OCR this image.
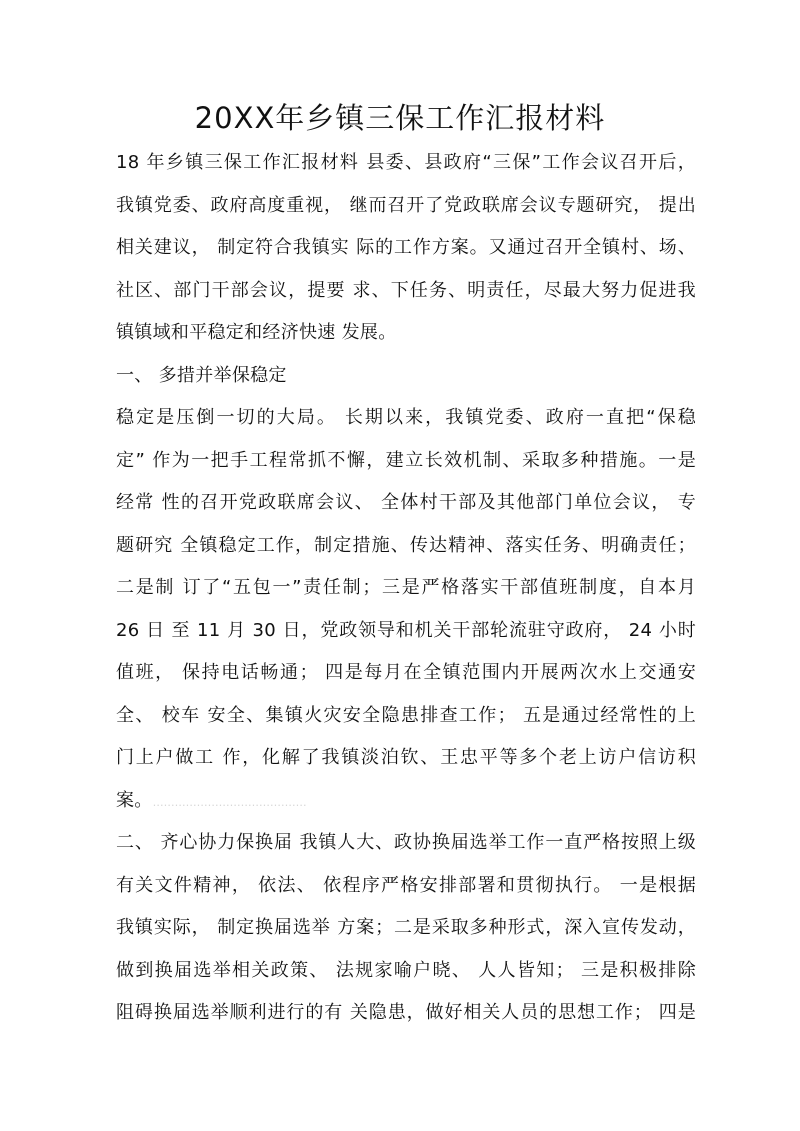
20XX年乡镇三保工作汇报材料
18 年乡镇三保工作汇报材料 县委、县政府“三保”工作会议召开后，
我镇党委、政府高度重视， 继而召开了党政联席会议专题研究， 提出
相关建议， 制定符合我镇实 际的工作方案。又通过召开全镇村、场、
社区、部门干部会议，提要 求、下任务、明责任，尽最大努力促进我
镇镇域和平稳定和经济快速 发展。
一、 多措并举保稳定
稳定是压倒一切的大局。 长期以来，我镇党委、政府一直把“保稳
定” 作为一把手工程常抓不懈，建立长效机制、采取多种措施。一是
经常 性的召开党政联席会议、 全体村干部及其他部门单位会议， 专
题研究 全镇稳定工作，制定措施、传达精神、落实任务、明确责任；
二是制 订了“五包一”责任制；三是严格落实干部值班制度，自本月
26 日 至 11 月 30 日，党政领导和机关干部轮流驻守政府， 24 小时
值班， 保持电话畅通； 四是每月在全镇范围内开展两次水上交通安
全、 校车 安全、集镇火灾安全隐患排查工作； 五是通过经常性的上
门上户做工 作，化解了我镇淡泊钦、王忠平等多个老上访户信访积
案。……………………………………
二、 齐心协力保换届 我镇人大、政协换届选举工作一直严格按照上级
有关文件精神， 依法、 依程序严格安排部署和贯彻执行。 一是根据
我镇实际， 制定换届选举 方案；二是采取多种形式，深入宣传发动，
做到换届选举相关政策、 法规家喻户晓、 人人皆知； 三是积极排除
阻碍换届选举顺利进行的有 关隐患，做好相关人员的思想工作； 四是
